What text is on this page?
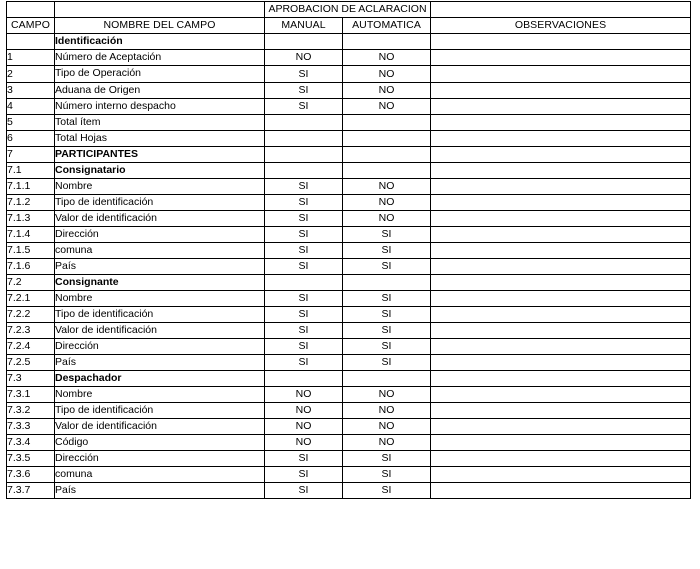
		APROBACION DE ACLARACION		
CAMPO	NOMBRE DEL CAMPO	MANUAL	AUTOMATICA	OBSERVACIONES
	Identificación			
1	Número de Aceptación	NO	NO	
2	Tipo de Operación	SI	NO	
3	Aduana de Origen	SI	NO	
4	Número interno despacho	SI	NO	
5	Total ítem			
6	Total Hojas			
7	PARTICIPANTES			
7.1	Consignatario			
7.1.1	Nombre	SI	NO	
7.1.2	Tipo de identificación	SI	NO	
7.1.3	Valor de identificación	SI	NO	
7.1.4	Dirección	SI	SI	
7.1.5	comuna	SI	SI	
7.1.6	País	SI	SI	
7.2	Consignante			
7.2.1	Nombre	SI	SI	
7.2.2	Tipo de identificación	SI	SI	
7.2.3	Valor de identificación	SI	SI	
7.2.4	Dirección	SI	SI	
7.2.5	País	SI	SI	
7.3	Despachador			
7.3.1	Nombre	NO	NO	
7.3.2	Tipo de identificación	NO	NO	
7.3.3	Valor de identificación	NO	NO	
7.3.4	Código	NO	NO	
7.3.5	Dirección	SI	SI	
7.3.6	comuna	SI	SI	
7.3.7	País	SI	SI	
